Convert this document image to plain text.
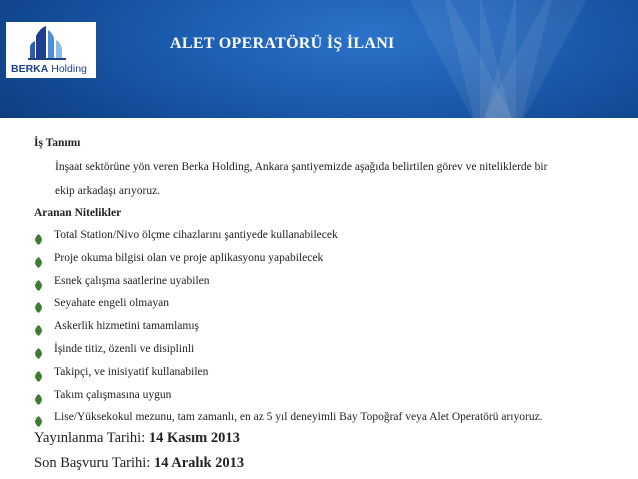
BERKA Holding
ALET OPERATÖRÜ İŞ İLANI
İş Tanımı
İnşaat sektörüne yön veren Berka Holding, Ankara şantiyemizde aşağıda belirtilen görev ve niteliklerde bir
ekip arkadaşı arıyoruz.
Aranan Nitelikler
Total Station/Nivo ölçme cihazlarını şantiyede kullanabilecek
Proje okuma bilgisi olan ve proje aplikasyonu yapabilecek
Esnek çalışma saatlerine uyabilen
Seyahate engeli olmayan
Askerlik hizmetini tamamlamış
İşinde titiz, özenli ve disiplinli
Takipçi, ve inisiyatif kullanabilen
Takım çalışmasına uygun
Lise/Yüksekokul mezunu, tam zamanlı, en az 5 yıl deneyimli Bay Topoğraf veya Alet Operatörü arıyoruz.
Yayınlanma Tarihi: 14 Kasım 2013
Son Başvuru Tarihi: 14 Aralık 2013
